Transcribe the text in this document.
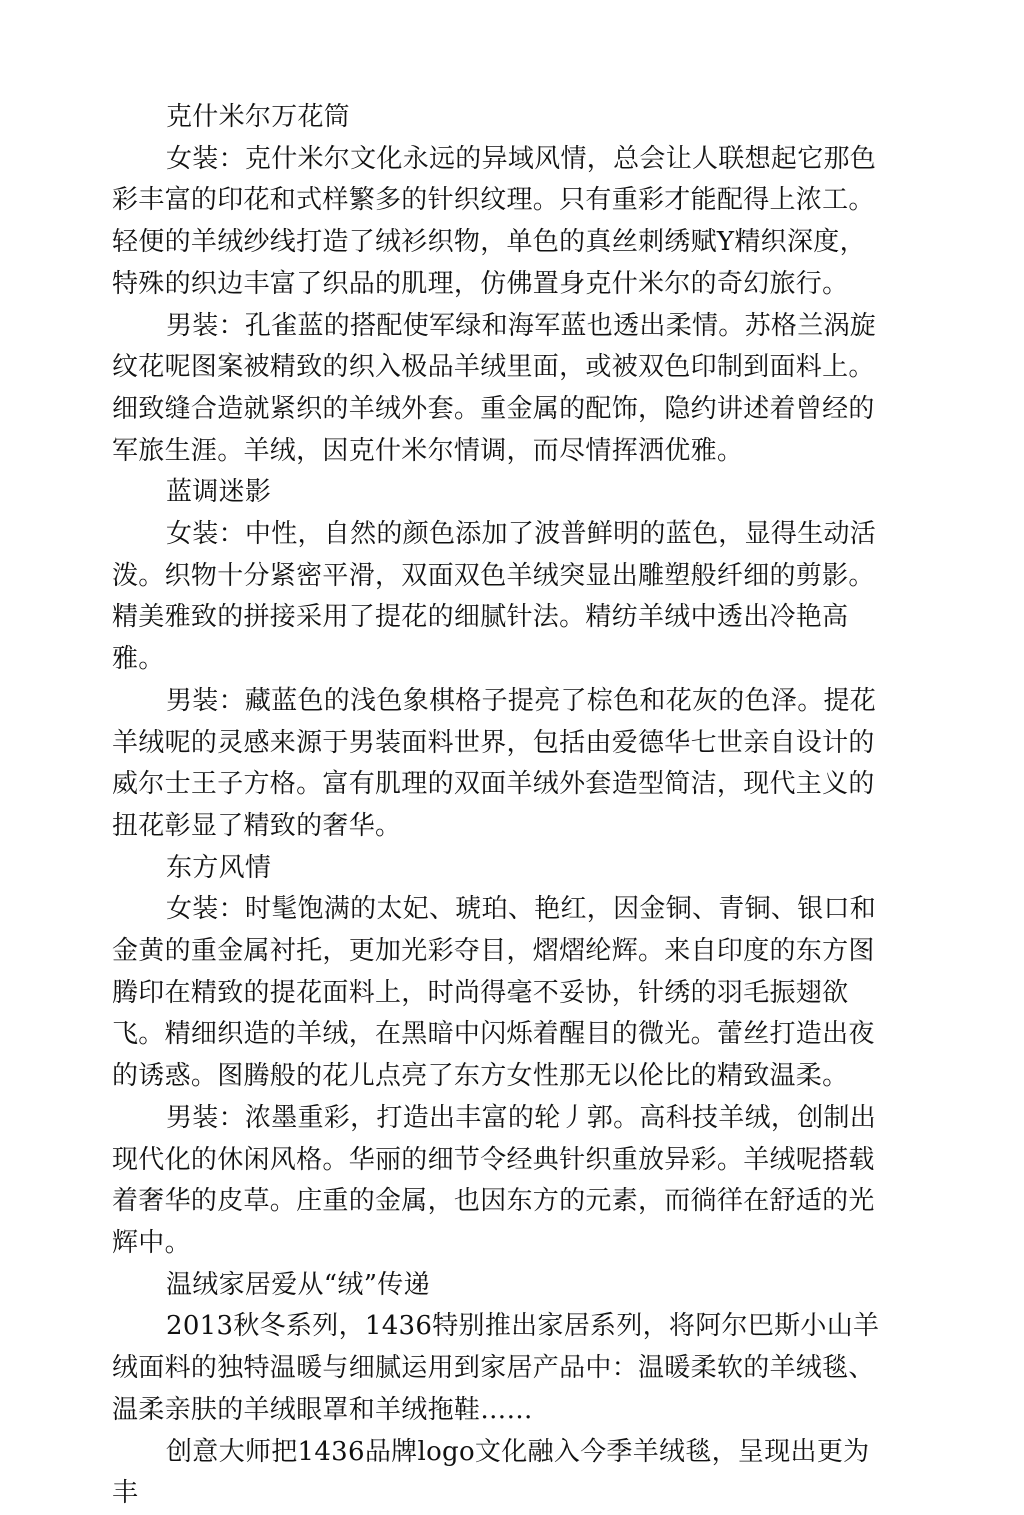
克什米尔万花筒

女装：克什米尔文化永远的异域风情，总会让人联想起它那色彩丰富的印花和式样繁多的针织纹理。只有重彩才能配得上浓工。轻便的羊绒纱线打造了绒衫织物，单色的真丝刺绣赋Y精织深度，特殊的织边丰富了织品的肌理，仿佛置身克什米尔的奇幻旅行。

男装：孔雀蓝的搭配使军绿和海军蓝也透出柔情。苏格兰涡旋纹花呢图案被精致的织入极品羊绒里面，或被双色印制到面料上。细致缝合造就紧织的羊绒外套。重金属的配饰，隐约讲述着曾经的军旅生涯。羊绒，因克什米尔情调，而尽情挥洒优雅。

蓝调迷影

女装：中性，自然的颜色添加了波普鲜明的蓝色，显得生动活泼。织物十分紧密平滑，双面双色羊绒突显出雕塑般纤细的剪影。精美雅致的拼接采用了提花的细腻针法。精纺羊绒中透出冷艳高雅。

男装：藏蓝色的浅色象棋格子提亮了棕色和花灰的色泽。提花羊绒呢的灵感来源于男装面料世界，包括由爱德华七世亲自设计的威尔士王子方格。富有肌理的双面羊绒外套造型简洁，现代主义的扭花彰显了精致的奢华。

东方风情

女装：时髦饱满的太妃、琥珀、艳红，因金铜、青铜、银口和金黄的重金属衬托，更加光彩夺目，熠熠纶辉。来自印度的东方图腾印在精致的提花面料上，时尚得毫不妥协，针绣的羽毛振翅欲飞。精细织造的羊绒，在黑暗中闪烁着醒目的微光。蕾丝打造出夜的诱惑。图腾般的花儿点亮了东方女性那无以伦比的精致温柔。

男装：浓墨重彩，打造出丰富的轮丿郭。高科技羊绒，创制出现代化的休闲风格。华丽的细节令经典针织重放异彩。羊绒呢搭载着奢华的皮草。庄重的金属，也因东方的元素，而徜徉在舒适的光辉中。

温绒家居爱从“绒”传递

2013秋冬系列，1436特别推出家居系列，将阿尔巴斯小山羊绒面料的独特温暖与细腻运用到家居产品中：温暖柔软的羊绒毯、温柔亲肤的羊绒眼罩和羊绒拖鞋……

创意大师把1436品牌logo文化融入今季羊绒毯，呈现出更为丰
